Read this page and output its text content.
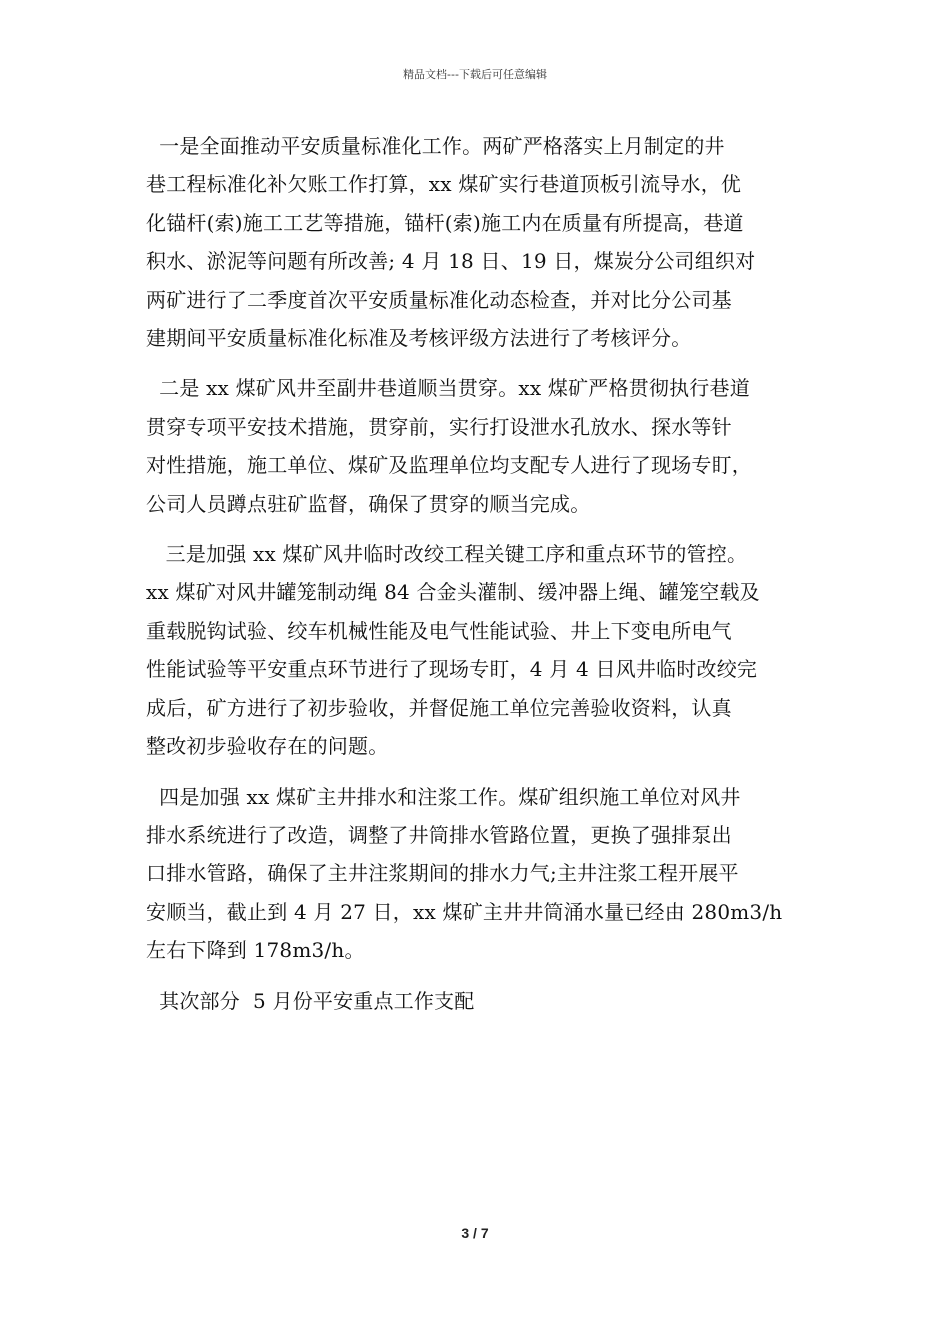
精品文档---下载后可任意编辑
一是全面推动平安质量标准化工作。两矿严格落实上月制定的井
巷工程标准化补欠账工作打算，xx 煤矿实行巷道顶板引流导水，优
化锚杆(索)施工工艺等措施，锚杆(索)施工内在质量有所提高，巷道
积水、淤泥等问题有所改善; 4 月 18 日、19 日，煤炭分公司组织对
两矿进行了二季度首次平安质量标准化动态检查，并对比分公司基
建期间平安质量标准化标准及考核评级方法进行了考核评分。
二是 xx 煤矿风井至副井巷道顺当贯穿。xx 煤矿严格贯彻执行巷道
贯穿专项平安技术措施，贯穿前，实行打设泄水孔放水、探水等针
对性措施，施工单位、煤矿及监理单位均支配专人进行了现场专盯，
公司人员蹲点驻矿监督，确保了贯穿的顺当完成。
三是加强 xx 煤矿风井临时改绞工程关键工序和重点环节的管控。
xx 煤矿对风井罐笼制动绳 84 合金头灌制、缓冲器上绳、罐笼空载及
重载脱钩试验、绞车机械性能及电气性能试验、井上下变电所电气
性能试验等平安重点环节进行了现场专盯，4 月 4 日风井临时改绞完
成后，矿方进行了初步验收，并督促施工单位完善验收资料，认真
整改初步验收存在的问题。
四是加强 xx 煤矿主井排水和注浆工作。煤矿组织施工单位对风井
排水系统进行了改造，调整了井筒排水管路位置，更换了强排泵出
口排水管路，确保了主井注浆期间的排水力气;主井注浆工程开展平
安顺当，截止到 4 月 27 日，xx 煤矿主井井筒涌水量已经由 280m3/h
左右下降到 178m3/h。
其次部分  5 月份平安重点工作支配
3 / 7
